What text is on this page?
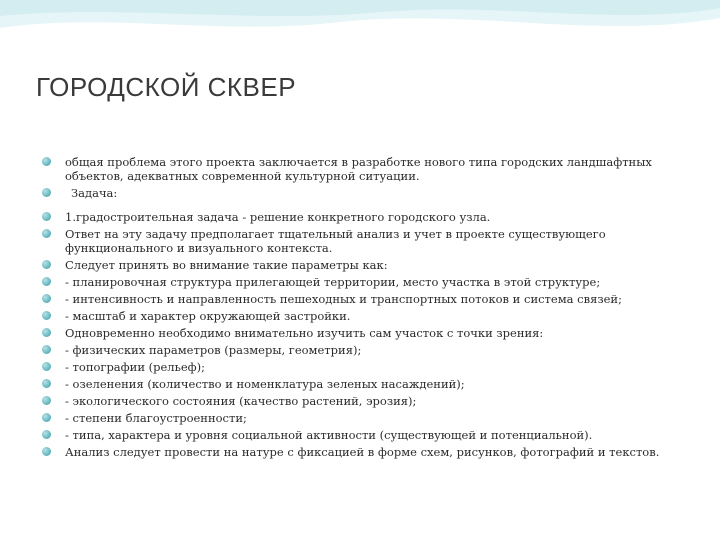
ГОРОДСКОЙ СКВЕР
общая проблема этого проекта заключается в разработке нового типа городских ландшафтных объектов, адекватных современной культурной ситуации.
Задача:
1.градостроительная задача - решение конкретного городского узла.
Ответ на эту задачу предполагает тщательный анализ и учет в проекте существующего функционального и визуального контекста.
Следует принять во внимание такие параметры как:
- планировочная структура прилегающей территории, место участка в этой структуре;
- интенсивность и направленность пешеходных и транспортных потоков и система связей;
- масштаб и характер окружающей застройки.
Одновременно необходимо внимательно изучить сам участок с точки зрения:
- физических параметров (размеры, геометрия);
- топографии (рельеф);
- озеленения (количество и номенклатура зеленых насаждений);
- экологического состояния (качество растений, эрозия);
- степени благоустроенности;
- типа, характера и уровня социальной активности (существующей и потенциальной).
Анализ следует провести на натуре с фиксацией в форме схем, рисунков, фотографий и текстов.
